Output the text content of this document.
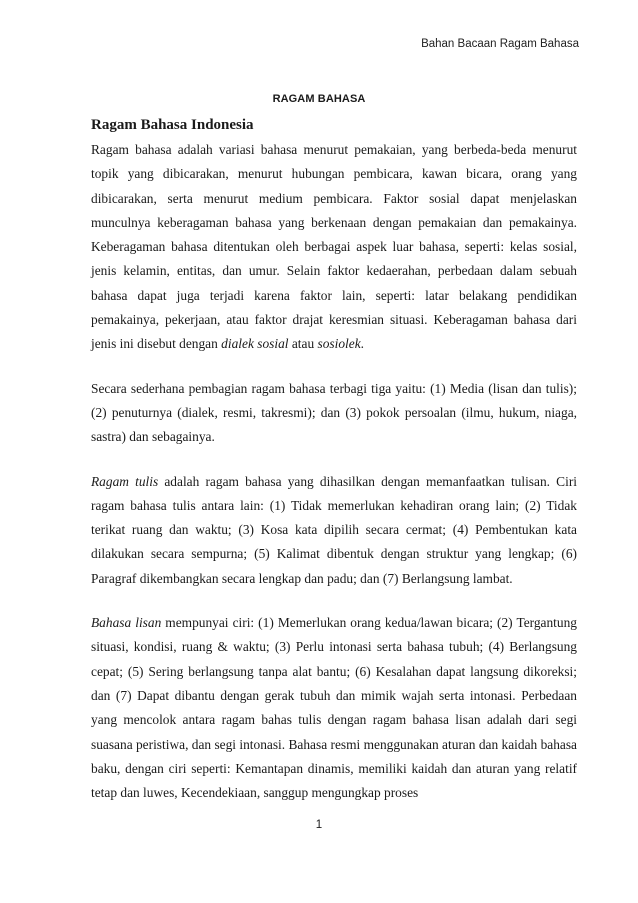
Bahan Bacaan Ragam Bahasa
RAGAM BAHASA
Ragam Bahasa Indonesia

Ragam bahasa adalah variasi bahasa menurut pemakaian, yang berbeda-beda menurut topik yang dibicarakan, menurut hubungan pembicara, kawan bicara, orang yang dibicarakan, serta menurut medium pembicara. Faktor sosial dapat menjelaskan munculnya keberagaman bahasa yang berkenaan dengan pemakaian dan pemakainya. Keberagaman bahasa ditentukan oleh berbagai aspek luar bahasa, seperti: kelas sosial, jenis kelamin, entitas, dan umur. Selain faktor kedaerahan, perbedaan dalam sebuah bahasa dapat juga terjadi karena faktor lain, seperti: latar belakang pendidikan pemakainya, pekerjaan, atau faktor drajat keresmian situasi. Keberagaman bahasa dari jenis ini disebut dengan dialek sosial atau sosiolek.

Secara sederhana pembagian ragam bahasa terbagi tiga yaitu: (1) Media (lisan dan tulis); (2) penuturnya (dialek, resmi, takresmi); dan (3) pokok persoalan (ilmu, hukum, niaga, sastra) dan sebagainya.

Ragam tulis adalah ragam bahasa yang dihasilkan dengan memanfaatkan tulisan. Ciri ragam bahasa tulis antara lain: (1) Tidak memerlukan kehadiran orang lain; (2) Tidak terikat ruang dan waktu; (3) Kosa kata dipilih secara cermat; (4) Pembentukan kata dilakukan secara sempurna; (5) Kalimat dibentuk dengan struktur yang lengkap; (6) Paragraf dikembangkan secara lengkap dan padu; dan (7) Berlangsung lambat.

Bahasa lisan mempunyai ciri: (1) Memerlukan orang kedua/lawan bicara; (2) Tergantung situasi, kondisi, ruang & waktu; (3) Perlu intonasi serta bahasa tubuh; (4) Berlangsung cepat; (5) Sering berlangsung tanpa alat bantu; (6) Kesalahan dapat langsung dikoreksi; dan (7) Dapat dibantu dengan gerak tubuh dan mimik wajah serta intonasi. Perbedaan yang mencolok antara ragam bahas tulis dengan ragam bahasa lisan adalah dari segi suasana peristiwa, dan segi intonasi. Bahasa resmi menggunakan aturan dan kaidah bahasa baku, dengan ciri seperti: Kemantapan dinamis, memiliki kaidah dan aturan yang relatif tetap dan luwes, Kecendekiaan, sanggup mengungkap proses

1
